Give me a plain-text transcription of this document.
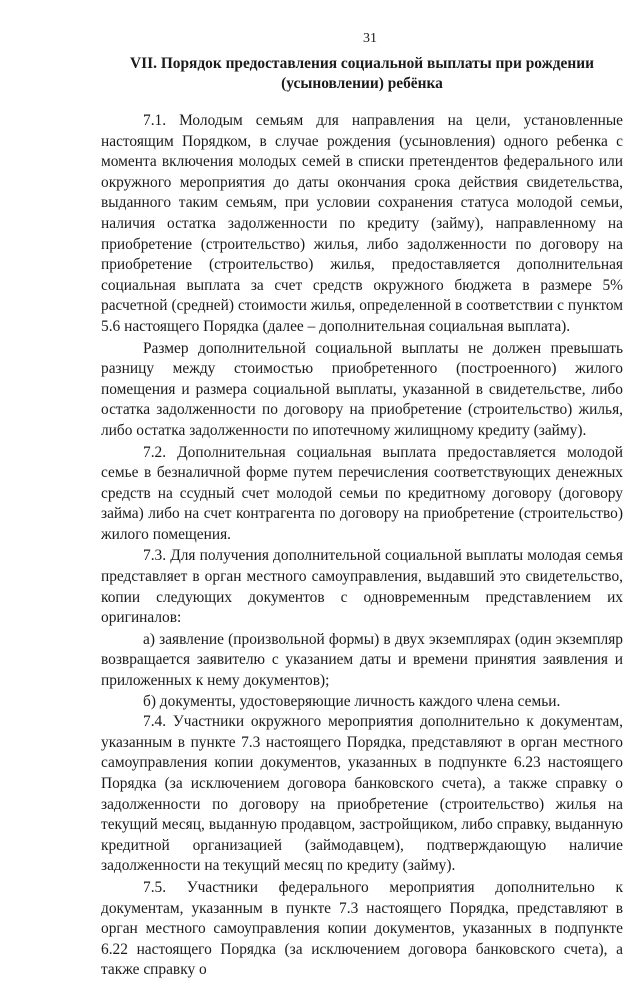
31
VII. Порядок предоставления социальной выплаты при рождении
(усыновлении) ребёнка

7.1. Молодым семьям для направления на цели, установленные настоящим Порядком, в случае рождения (усыновления) одного ребенка с момента включения молодых семей в списки претендентов федерального или окружного мероприятия до даты окончания срока действия свидетельства, выданного таким семьям, при условии сохранения статуса молодой семьи, наличия остатка задолженности по кредиту (займу), направленному на приобретение (строительство) жилья, либо задолженности по договору на приобретение (строительство) жилья, предоставляется дополнительная социальная выплата за счет средств окружного бюджета в размере 5% расчетной (средней) стоимости жилья, определенной в соответствии с пунктом 5.6 настоящего Порядка (далее – дополнительная социальная выплата).

Размер дополнительной социальной выплаты не должен превышать разницу между стоимостью приобретенного (построенного) жилого помещения и размера социальной выплаты, указанной в свидетельстве, либо остатка задолженности по договору на приобретение (строительство) жилья, либо остатка задолженности по ипотечному жилищному кредиту (займу).

7.2. Дополнительная социальная выплата предоставляется молодой семье в безналичной форме путем перечисления соответствующих денежных средств на ссудный счет молодой семьи по кредитному договору (договору займа) либо на счет контрагента по договору на приобретение (строительство) жилого помещения.

7.3. Для получения дополнительной социальной выплаты молодая семья представляет в орган местного самоуправления, выдавший это свидетельство, копии следующих документов с одновременным представлением их оригиналов:

а) заявление (произвольной формы) в двух экземплярах (один экземпляр возвращается заявителю с указанием даты и времени принятия заявления и приложенных к нему документов);

б) документы, удостоверяющие личность каждого члена семьи.

7.4. Участники окружного мероприятия дополнительно к документам, указанным в пункте 7.3 настоящего Порядка, представляют в орган местного самоуправления копии документов, указанных в подпункте 6.23 настоящего Порядка (за исключением договора банковского счета), а также справку о задолженности по договору на приобретение (строительство) жилья на текущий месяц, выданную продавцом, застройщиком, либо справку, выданную кредитной организацией (займодавцем), подтверждающую наличие задолженности на текущий месяц по кредиту (займу).

7.5. Участники федерального мероприятия дополнительно к документам, указанным в пункте 7.3 настоящего Порядка, представляют в орган местного самоуправления копии документов, указанных в подпункте 6.22 настоящего Порядка (за исключением договора банковского счета), а также справку о
